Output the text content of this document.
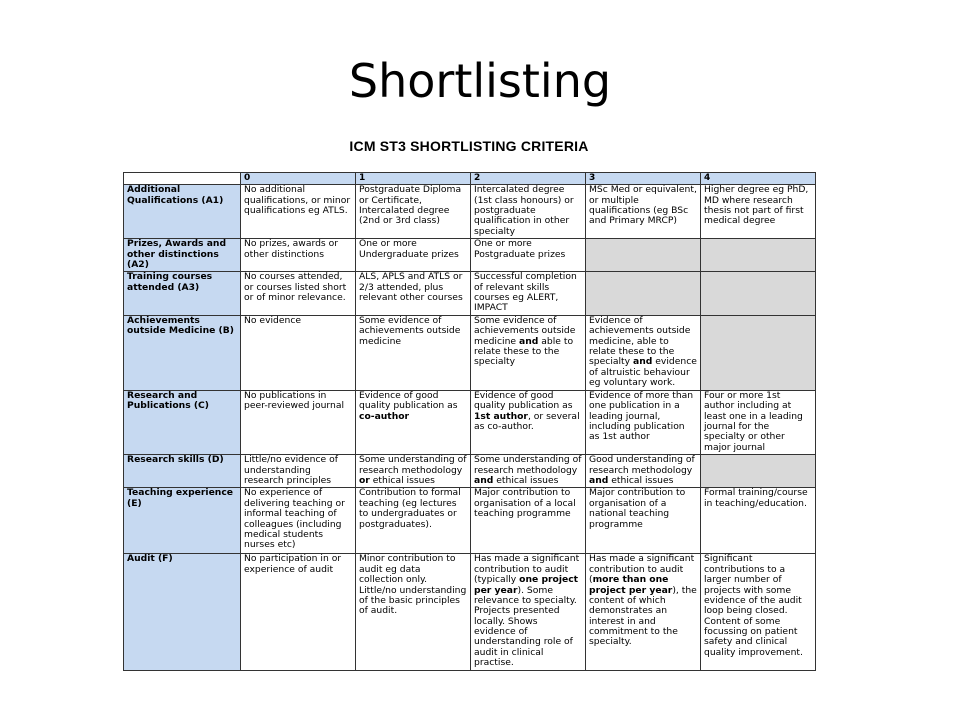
Shortlisting
ICM ST3 SHORTLISTING CRITERIA
	0	1	2	3	4
Additional Qualifications (A1)	No additional qualifications, or minor qualifications eg ATLS.	Postgraduate Diploma or Certificate, Intercalated degree (2nd or 3rd class)	Intercalated degree (1st class honours) or postgraduate qualification in other specialty	MSc Med or equivalent, or multiple qualifications (eg BSc and Primary MRCP)	Higher degree eg PhD, MD where research thesis not part of first medical degree
Prizes, Awards and other distinctions (A2)	No prizes, awards or other distinctions	One or more Undergraduate prizes	One or more Postgraduate prizes		
Training courses attended (A3)	No courses attended, or courses listed short or of minor relevance.	ALS, APLS and ATLS or 2/3 attended, plus relevant other courses	Successful completion of relevant skills courses eg ALERT, IMPACT		
Achievements outside Medicine (B)	No evidence	Some evidence of achievements outside medicine	Some evidence of achievements outside medicine and able to relate these to the specialty	Evidence of achievements outside medicine, able to relate these to the specialty and evidence of altruistic behaviour eg voluntary work.	
Research and Publications (C)	No publications in peer-reviewed journal	Evidence of good quality publication as co-author	Evidence of good quality publication as 1st author, or several as co-author.	Evidence of more than one publication in a leading journal, including publication as 1st author	Four or more 1st author including at least one in a leading journal for the specialty or other major journal
Research skills (D)	Little/no evidence of understanding research principles	Some understanding of research methodology or ethical issues	Some understanding of research methodology and ethical issues	Good understanding of research methodology and ethical issues	
Teaching experience (E)	No experience of delivering teaching or informal teaching of colleagues (including medical students nurses etc)	Contribution to formal teaching (eg lectures to undergraduates or postgraduates).	Major contribution to organisation of a local teaching programme	Major contribution to organisation of a national teaching programme	Formal training/course in teaching/education.
Audit (F)	No participation in or experience of audit	Minor contribution to audit eg data collection only. Little/no understanding of the basic principles of audit.	Has made a significant contribution to audit (typically one project per year). Some relevance to specialty. Projects presented locally. Shows evidence of understanding role of audit in clinical practise.	Has made a significant contribution to audit (more than one project per year), the content of which demonstrates an interest in and commitment to the specialty.	Significant contributions to a larger number of projects with some evidence of the audit loop being closed. Content of some focussing on patient safety and clinical quality improvement.
